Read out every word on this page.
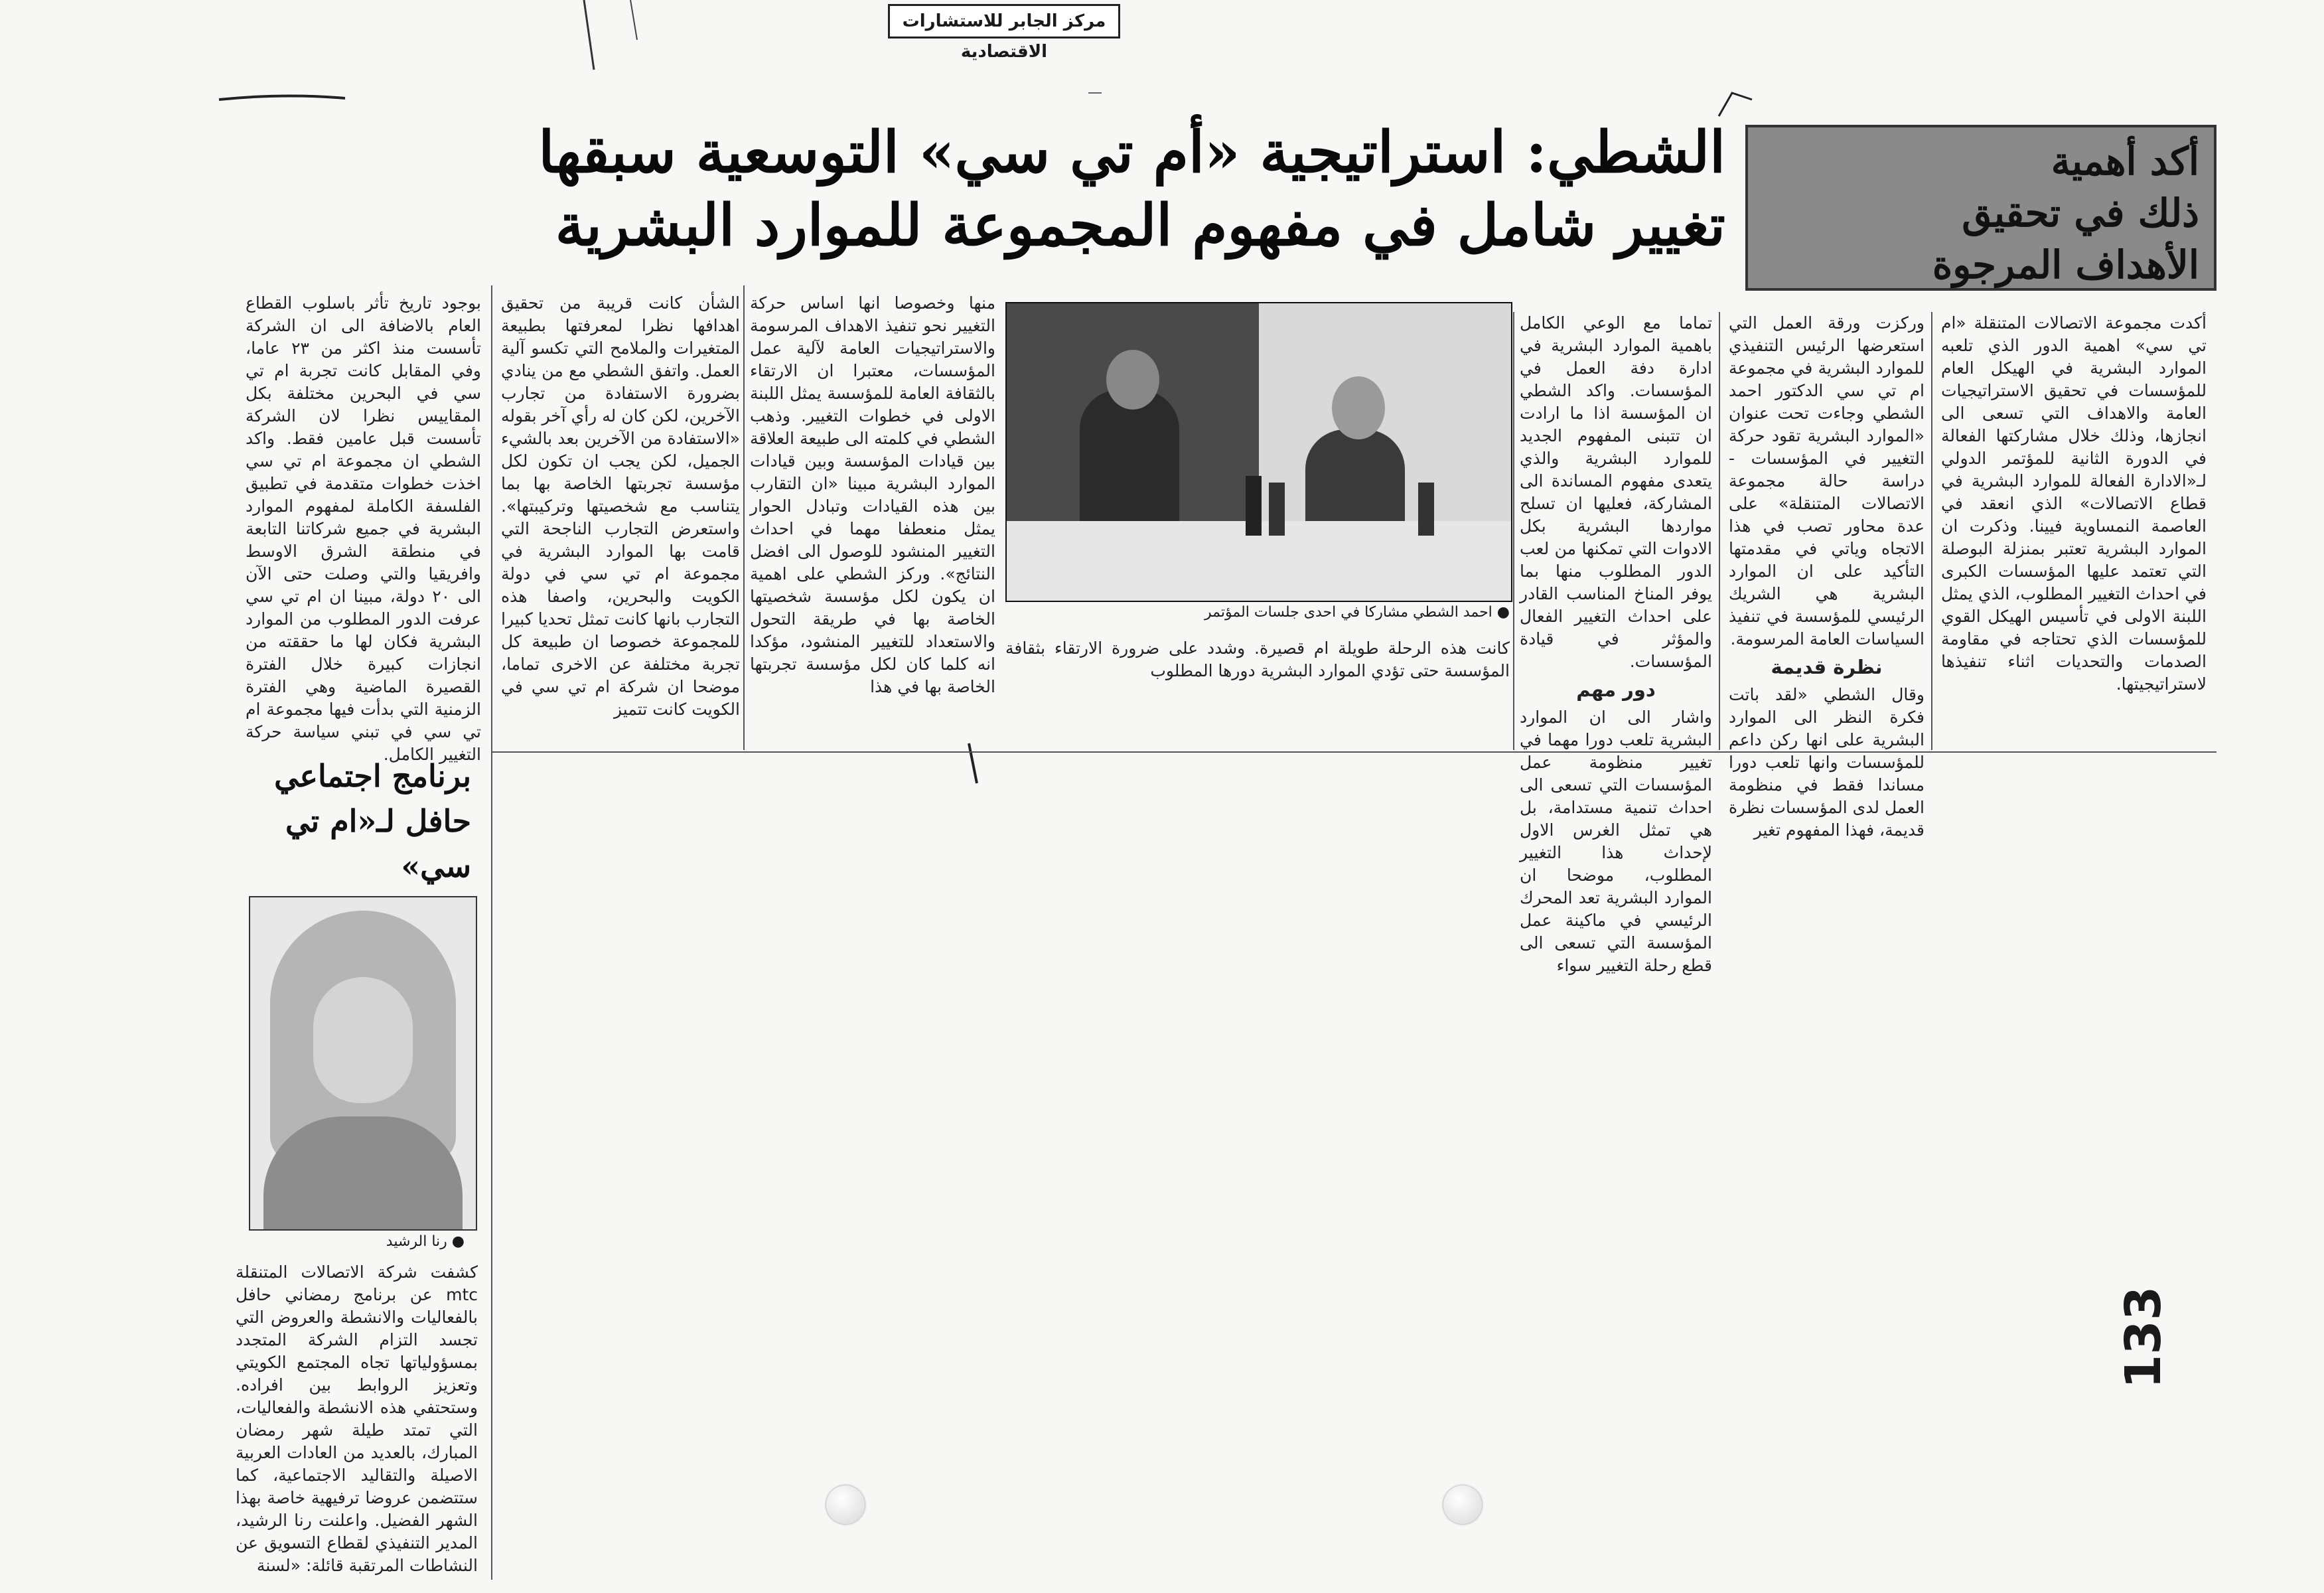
مركز الجابر للاستشارات الاقتصادية
الشطي: استراتيجية «أم تي سي» التوسعية سبقها
تغيير شامل في مفهوم المجموعة للموارد البشرية
أكد أهمية
ذلك في تحقيق
الأهداف المرجوة
أكدت مجموعة الاتصالات المتنقلة «ام تي سي» اهمية الدور الذي تلعبه الموارد البشرية في الهيكل العام للمؤسسات في تحقيق الاستراتيجيات العامة والاهداف التي تسعى الى انجازها، وذلك خلال مشاركتها الفعالة في الدورة الثانية للمؤتمر الدولي لـ«الادارة الفعالة للموارد البشرية في قطاع الاتصالات» الذي انعقد في العاصمة النمساوية فيينا. وذكرت ان الموارد البشرية تعتبر بمنزلة البوصلة التي تعتمد عليها المؤسسات الكبرى في احداث التغيير المطلوب، الذي يمثل اللبنة الاولى في تأسيس الهيكل القوي للمؤسسات الذي تحتاجه في مقاومة الصدمات والتحديات اثناء تنفيذها لاستراتيجيتها.
وركزت ورقة العمل التي استعرضها الرئيس التنفيذي للموارد البشرية في مجموعة ام تي سي الدكتور احمد الشطي وجاءت تحت عنوان «الموارد البشرية تقود حركة التغيير في المؤسسات - دراسة حالة مجموعة الاتصالات المتنقلة» على عدة محاور تصب في هذا الاتجاه وياتي في مقدمتها التأكيد على ان الموارد البشرية هي الشريك الرئيسي للمؤسسة في تنفيذ السياسات العامة المرسومة.
نظرة قديمة
وقال الشطي «لقد باتت فكرة النظر الى الموارد البشرية على انها ركن داعم للمؤسسات وانها تلعب دورا مساندا فقط في منظومة العمل لدى المؤسسات نظرة قديمة، فهذا المفهوم تغير
تماما مع الوعي الكامل باهمية الموارد البشرية في ادارة دفة العمل في المؤسسات. واكد الشطي ان المؤسسة اذا ما ارادت ان تتبنى المفهوم الجديد للموارد البشرية والذي يتعدى مفهوم المساندة الى المشاركة، فعليها ان تسلح مواردها البشرية بكل الادوات التي تمكنها من لعب الدور المطلوب منها بما يوفر المناخ المناسب القادر على احداث التغيير الفعال والمؤثر في قيادة المؤسسات.
دور مهم
واشار الى ان الموارد البشرية تلعب دورا مهما في تغيير منظومة عمل المؤسسات التي تسعى الى احداث تنمية مستدامة، بل هي تمثل الغرس الاول لإحداث هذا التغيير المطلوب، موضحا ان الموارد البشرية تعد المحرك الرئيسي في ماكينة عمل المؤسسة التي تسعى الى قطع رحلة التغيير سواء
● احمد الشطي مشاركا في احدى جلسات المؤتمر
كانت هذه الرحلة طويلة ام قصيرة. وشدد على ضرورة الارتقاء بثقافة المؤسسة حتى تؤدي الموارد البشرية دورها المطلوب
منها وخصوصا انها اساس حركة التغيير نحو تنفيذ الاهداف المرسومة والاستراتيجيات العامة لآلية عمل المؤسسات، معتبرا ان الارتقاء بالثقافة العامة للمؤسسة يمثل اللبنة الاولى في خطوات التغيير. وذهب الشطي في كلمته الى طبيعة العلاقة بين قيادات المؤسسة وبين قيادات الموارد البشرية مبينا «ان التقارب بين هذه القيادات وتبادل الحوار يمثل منعطفا مهما في احداث التغيير المنشود للوصول الى افضل النتائج». وركز الشطي على اهمية ان يكون لكل مؤسسة شخصيتها الخاصة بها في طريقة التحول والاستعداد للتغيير المنشود، مؤكدا انه كلما كان لكل مؤسسة تجربتها الخاصة بها في هذا
الشأن كانت قريبة من تحقيق اهدافها نظرا لمعرفتها بطبيعة المتغيرات والملامح التي تكسو آلية العمل. واتفق الشطي مع من ينادي بضرورة الاستفادة من تجارب الآخرين، لكن كان له رأي آخر بقوله «الاستفادة من الآخرين بعد بالشيء الجميل، لكن يجب ان تكون لكل مؤسسة تجربتها الخاصة بها بما يتناسب مع شخصيتها وتركيبتها». واستعرض التجارب الناجحة التي قامت بها الموارد البشرية في مجموعة ام تي سي في دولة الكويت والبحرين، واصفا هذه التجارب بانها كانت تمثل تحديا كبيرا للمجموعة خصوصا ان طبيعة كل تجربة مختلفة عن الاخرى تماما، موضحا ان شركة ام تي سي في الكويت كانت تتميز
بوجود تاريخ تأثر باسلوب القطاع العام بالاضافة الى ان الشركة تأسست منذ اكثر من ٢٣ عاما، وفي المقابل كانت تجربة ام تي سي في البحرين مختلفة بكل المقاييس نظرا لان الشركة تأسست قبل عامين فقط. واكد الشطي ان مجموعة ام تي سي اخذت خطوات متقدمة في تطبيق الفلسفة الكاملة لمفهوم الموارد البشرية في جميع شركاتنا التابعة في منطقة الشرق الاوسط وافريقيا والتي وصلت حتى الآن الى ٢٠ دولة، مبينا ان ام تي سي عرفت الدور المطلوب من الموارد البشرية فكان لها ما حققته من انجازات كبيرة خلال الفترة القصيرة الماضية وهي الفترة الزمنية التي بدأت فيها مجموعة ام تي سي في تبني سياسة حركة التغيير الكامل.
برنامج اجتماعي
حافل لـ«ام تي سي»
● رنا الرشيد
كشفت شركة الاتصالات المتنقلة mtc عن برنامج رمضاني حافل بالفعاليات والانشطة والعروض التي تجسد التزام الشركة المتجدد بمسؤولياتها تجاه المجتمع الكويتي وتعزيز الروابط بين افراده. وستحتفي هذه الانشطة والفعاليات، التي تمتد طيلة شهر رمضان المبارك، بالعديد من العادات العربية الاصيلة والتقاليد الاجتماعية، كما ستتضمن عروضا ترفيهية خاصة بهذا الشهر الفضيل. واعلنت رنا الرشيد، المدير التنفيذي لقطاع التسويق عن النشاطات المرتقبة قائلة: «لسنة
133
